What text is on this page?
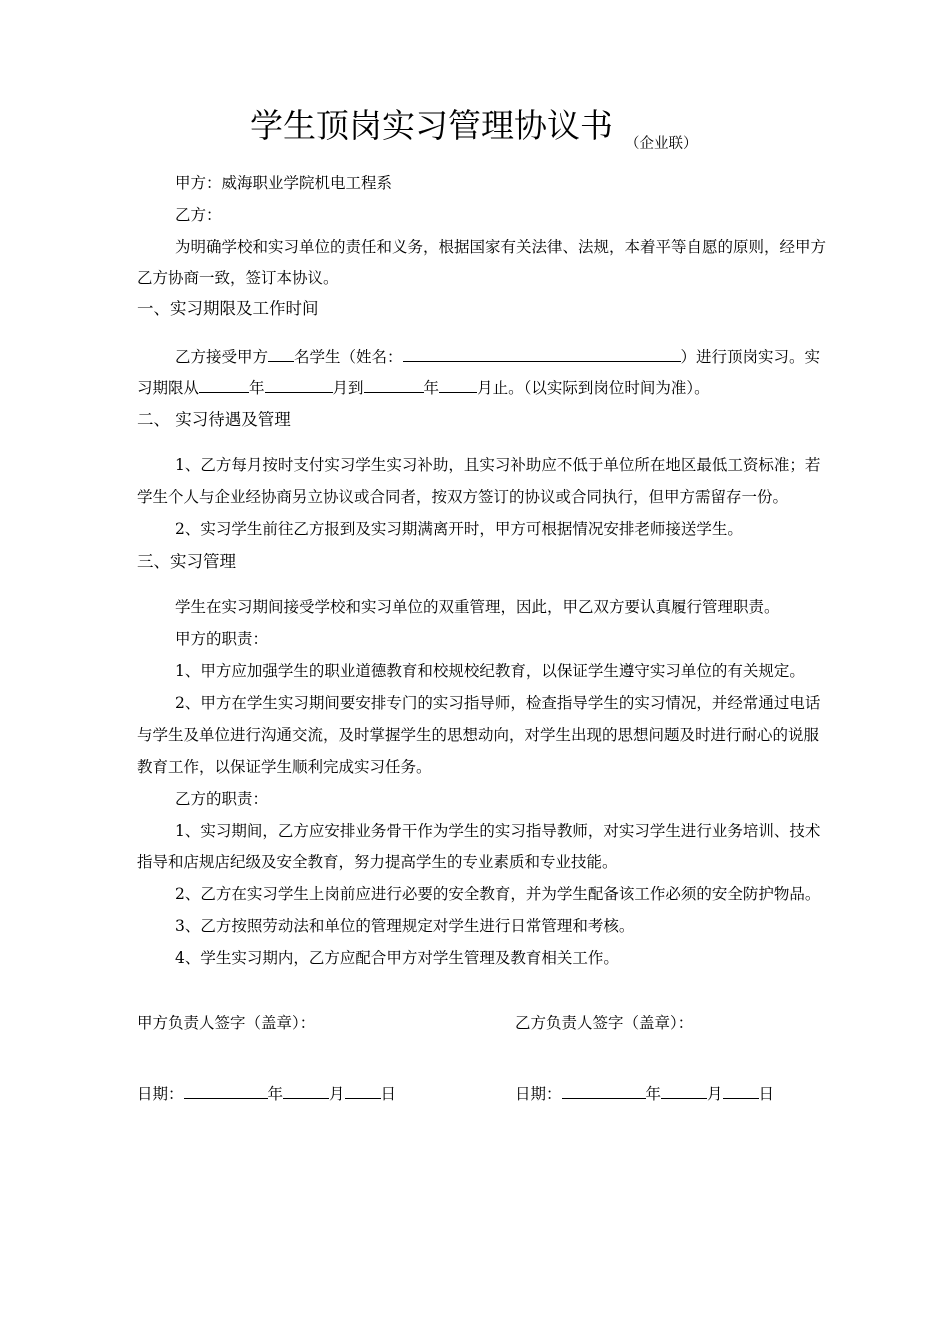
学生顶岗实习管理协议书 （企业联）
甲方：威海职业学院机电工程系
乙方：
为明确学校和实习单位的责任和义务，根据国家有关法律、法规，本着平等自愿的原则，经甲方
乙方协商一致，签订本协议。
一、实习期限及工作时间
乙方接受甲方 名学生（姓名：	）进行顶岗实习。实
习期限从	年	月到	年 月止。（以实际到岗位时间为准）。
二、 实习待遇及管理
1、乙方每月按时支付实习学生实习补助，且实习补助应不低于单位所在地区最低工资标准；若
学生个人与企业经协商另立协议或合同者，按双方签订的协议或合同执行，但甲方需留存一份。
2、实习学生前往乙方报到及实习期满离开时，甲方可根据情况安排老师接送学生。
三、实习管理
学生在实习期间接受学校和实习单位的双重管理，因此，甲乙双方要认真履行管理职责。
甲方的职责：
1、甲方应加强学生的职业道德教育和校规校纪教育，以保证学生遵守实习单位的有关规定。
2、甲方在学生实习期间要安排专门的实习指导师，检查指导学生的实习情况，并经常通过电话
与学生及单位进行沟通交流，及时掌握学生的思想动向，对学生出现的思想问题及时进行耐心的说服
教育工作，以保证学生顺利完成实习任务。
乙方的职责：
1、实习期间，乙方应安排业务骨干作为学生的实习指导教师，对实习学生进行业务培训、技术
指导和店规店纪级及安全教育，努力提高学生的专业素质和专业技能。
2、乙方在实习学生上岗前应进行必要的安全教育，并为学生配备该工作必须的安全防护物品。
3、乙方按照劳动法和单位的管理规定对学生进行日常管理和考核。
4、学生实习期内，乙方应配合甲方对学生管理及教育相关工作。
甲方负责人签字（盖章）：	乙方负责人签字（盖章）：
日期：	年	月 日	日期：	年	月 日
